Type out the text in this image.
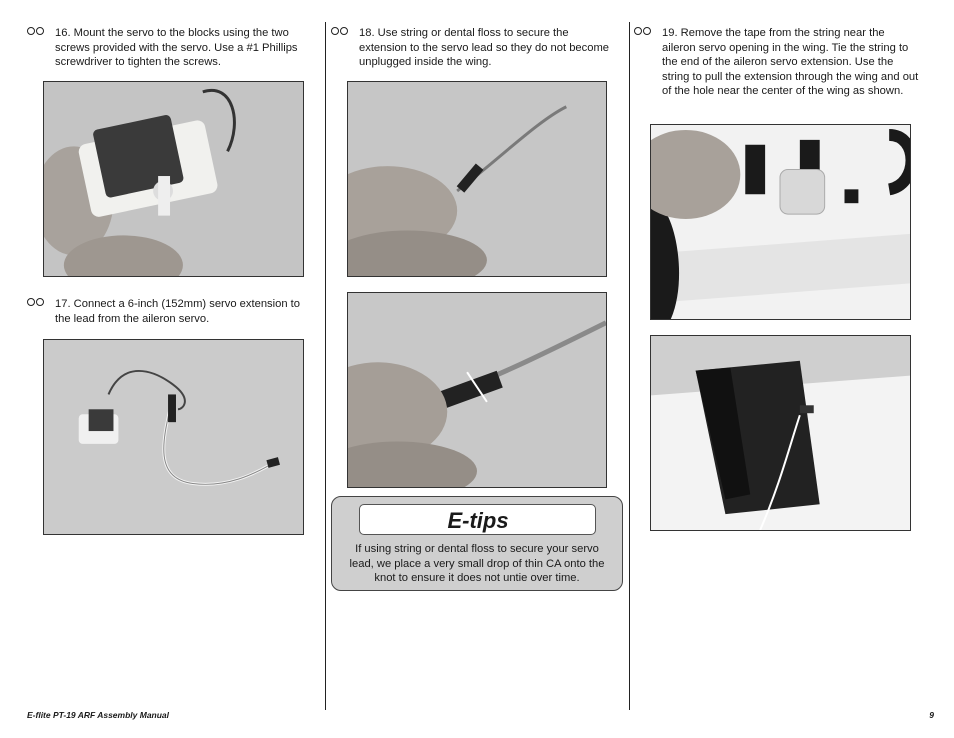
16. Mount the servo to the blocks using the two screws provided with the servo. Use a #1 Phillips screwdriver to tighten the screws.
17. Connect a 6-inch (152mm) servo extension to the lead from the aileron servo.
18. Use string or dental floss to secure the extension to the servo lead so they do not become unplugged inside the wing.
E-tips
If using string or dental floss to secure your servo lead, we place a very small drop of thin CA onto the knot to ensure it does not untie over time.
19. Remove the tape from the string near the aileron servo opening in the wing. Tie the string to the end of the aileron servo extension. Use the string to pull the extension through the wing and out of the hole near the center of the wing as shown.
E-flite PT-19 ARF Assembly Manual	9
